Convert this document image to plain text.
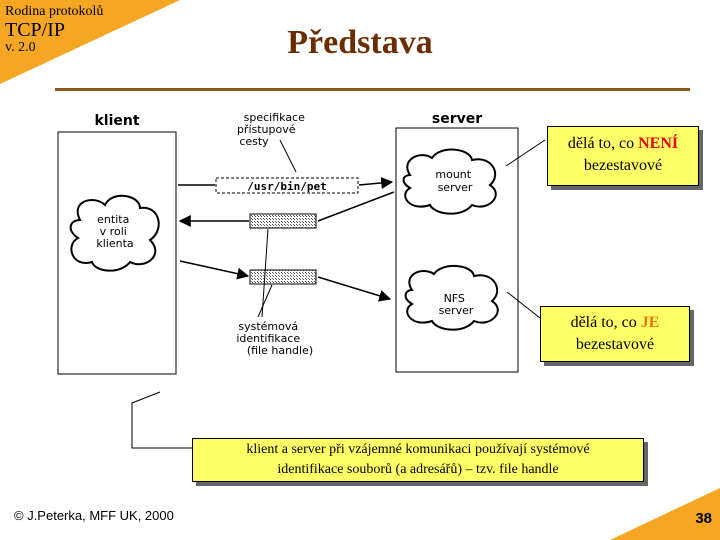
Rodina protokolů
TCP/IP
v. 2.0	Představa
klient	server
entita v roli klienta
mount server
NFS server
specifikace přístupové cesty
/usr/bin/pet
systémová identifikace (file handle)
dělá to, co NENÍ
bezestavové
dělá to, co JE
bezestavové
klient a server při vzájemné komunikaci používají systémové
identifikace souborů (a adresářů) – tzv. file handle
© J.Peterka, MFF UK, 2000	38
